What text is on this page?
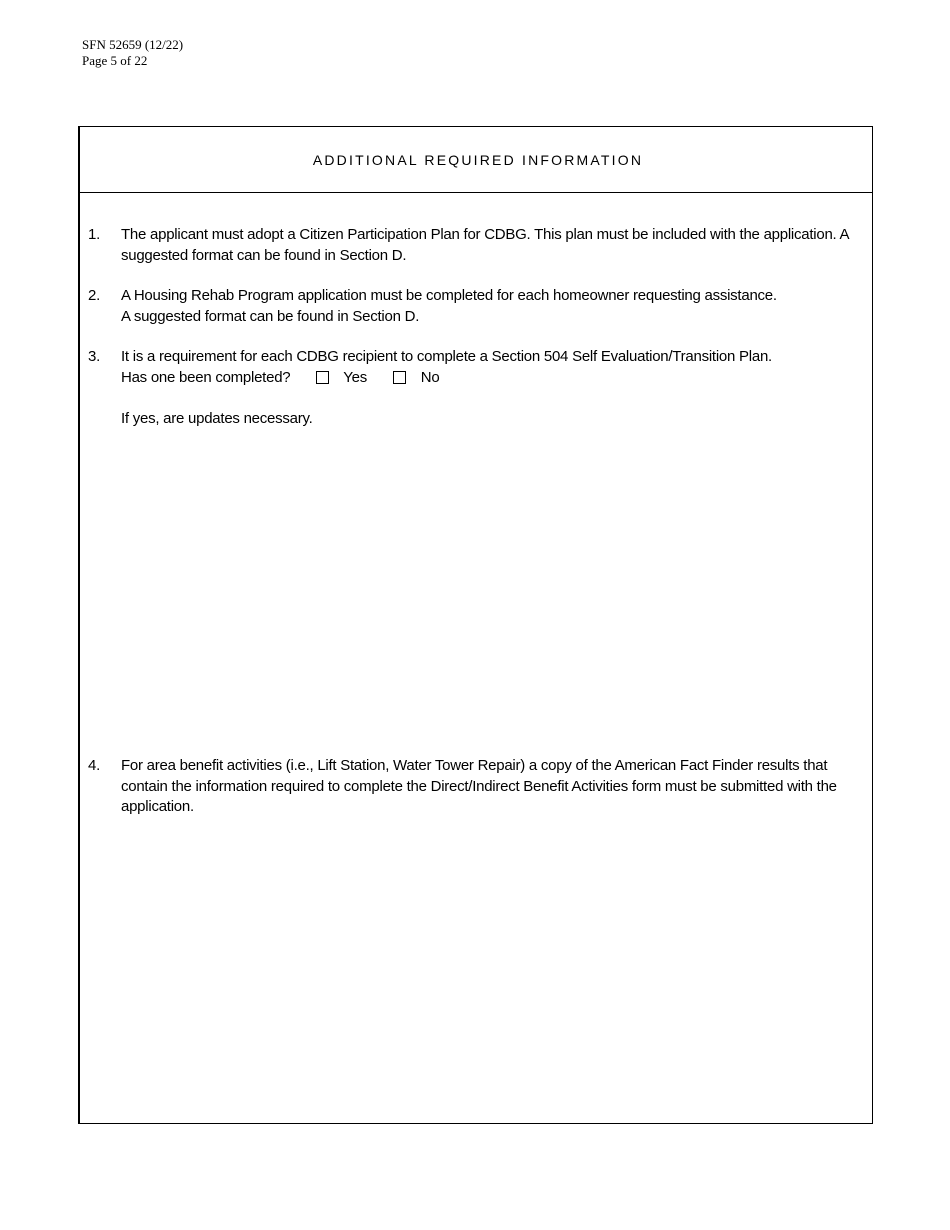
SFN 52659 (12/22)
Page 5 of 22
ADDITIONAL REQUIRED INFORMATION
1. The applicant must adopt a Citizen Participation Plan for CDBG. This plan must be included with the application. A suggested format can be found in Section D.

2. A Housing Rehab Program application must be completed for each homeowner requesting assistance.

A suggested format can be found in Section D.

3. It is a requirement for each CDBG recipient to complete a Section 504 Self Evaluation/Transition Plan.

Has one been completed?	Yes	No

If yes, are updates necessary.

4. For area benefit activities (i.e., Lift Station, Water Tower Repair) a copy of the American Fact Finder results that contain the information required to complete the Direct/Indirect Benefit Activities form must be submitted with the application.
